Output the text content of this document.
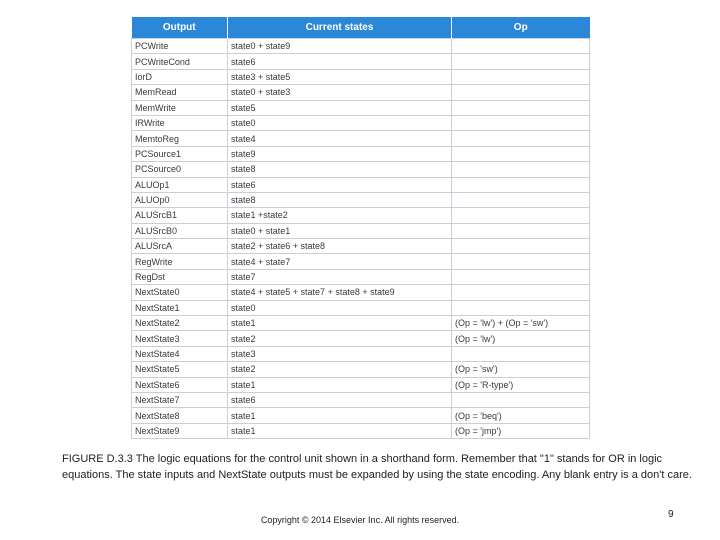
Output	Current states	Op
PCWrite	state0 + state9	
PCWriteCond	state6	
IorD	state3 + state5	
MemRead	state0 + state3	
MemWrite	state5	
IRWrite	state0	
MemtoReg	state4	
PCSource1	state9	
PCSource0	state8	
ALUOp1	state6	
ALUOp0	state8	
ALUSrcB1	state1 +state2	
ALUSrcB0	state0 + state1	
ALUSrcA	state2 + state6 + state8	
RegWrite	state4 + state7	
RegDst	state7	
NextState0	state4 + state5 + state7 + state8 + state9	
NextState1	state0	
NextState2	state1	(Op = 'lw') + (Op = 'sw')
NextState3	state2	(Op = 'lw')
NextState4	state3	
NextState5	state2	(Op = 'sw')
NextState6	state1	(Op = 'R-type')
NextState7	state6	
NextState8	state1	(Op = 'beq')
NextState9	state1	(Op = 'jmp')
FIGURE D.3.3 The logic equations for the control unit shown in a shorthand form. Remember that "1" stands for OR in logic equations. The state inputs and NextState outputs must be expanded by using the state encoding. Any blank entry is a don't care.
Copyright © 2014 Elsevier Inc. All rights reserved.	9
